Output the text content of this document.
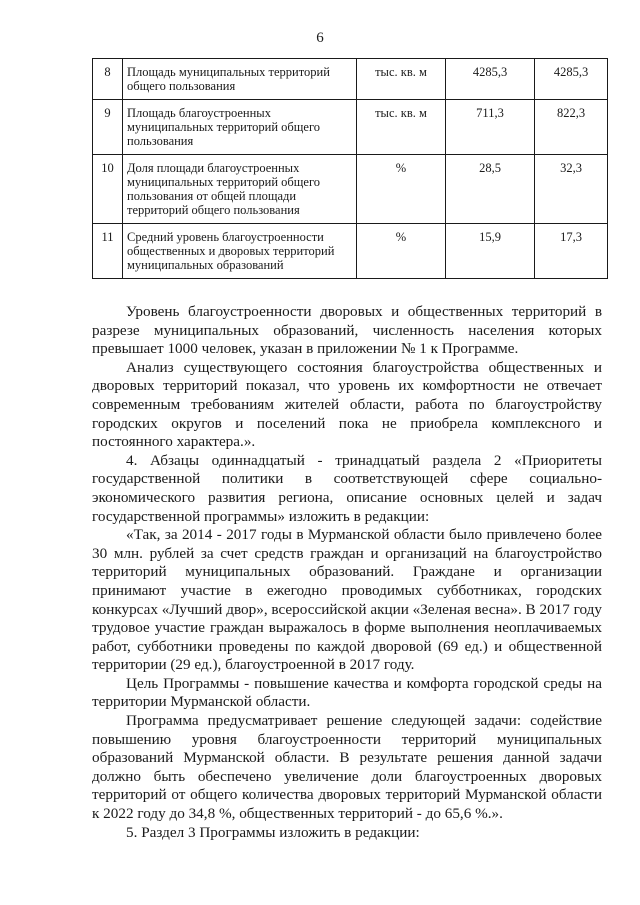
6
8	Площадь муниципальных территорий общего пользования	тыс. кв. м	4285,3	4285,3
9	Площадь благоустроенных муниципальных территорий общего пользования	тыс. кв. м	711,3	822,3
10	Доля площади благоустроенных муниципальных территорий общего пользования от общей площади территорий общего пользования	%	28,5	32,3
11	Средний уровень благоустроенности общественных и дворовых территорий муниципальных образований	%	15,9	17,3

Уровень благоустроенности дворовых и общественных территорий в разрезе муниципальных образований, численность населения которых превышает 1000 человек, указан в приложении № 1 к Программе.

Анализ существующего состояния благоустройства общественных и дворовых территорий показал, что уровень их комфортности не отвечает современным требованиям жителей области, работа по благоустройству городских округов и поселений пока не приобрела комплексного и постоянного характера.».

4. Абзацы одиннадцатый - тринадцатый раздела 2 «Приоритеты государственной политики в соответствующей сфере социально-экономического развития региона, описание основных целей и задач государственной программы» изложить в редакции:

«Так, за 2014 - 2017 годы в Мурманской области было привлечено более 30 млн. рублей за счет средств граждан и организаций на благоустройство территорий муниципальных образований. Граждане и организации принимают участие в ежегодно проводимых субботниках, городских конкурсах «Лучший двор», всероссийской акции «Зеленая весна». В 2017 году трудовое участие граждан выражалось в форме выполнения неоплачиваемых работ, субботники проведены по каждой дворовой (69 ед.) и общественной территории (29 ед.), благоустроенной в 2017 году.

Цель Программы - повышение качества и комфорта городской среды на территории Мурманской области.

Программа предусматривает решение следующей задачи: содействие повышению уровня благоустроенности территорий муниципальных образований Мурманской области. В результате решения данной задачи должно быть обеспечено увеличение доли благоустроенных дворовых территорий от общего количества дворовых территорий Мурманской области к 2022 году до 34,8 %, общественных территорий - до 65,6 %.».

5. Раздел 3 Программы изложить в редакции:
